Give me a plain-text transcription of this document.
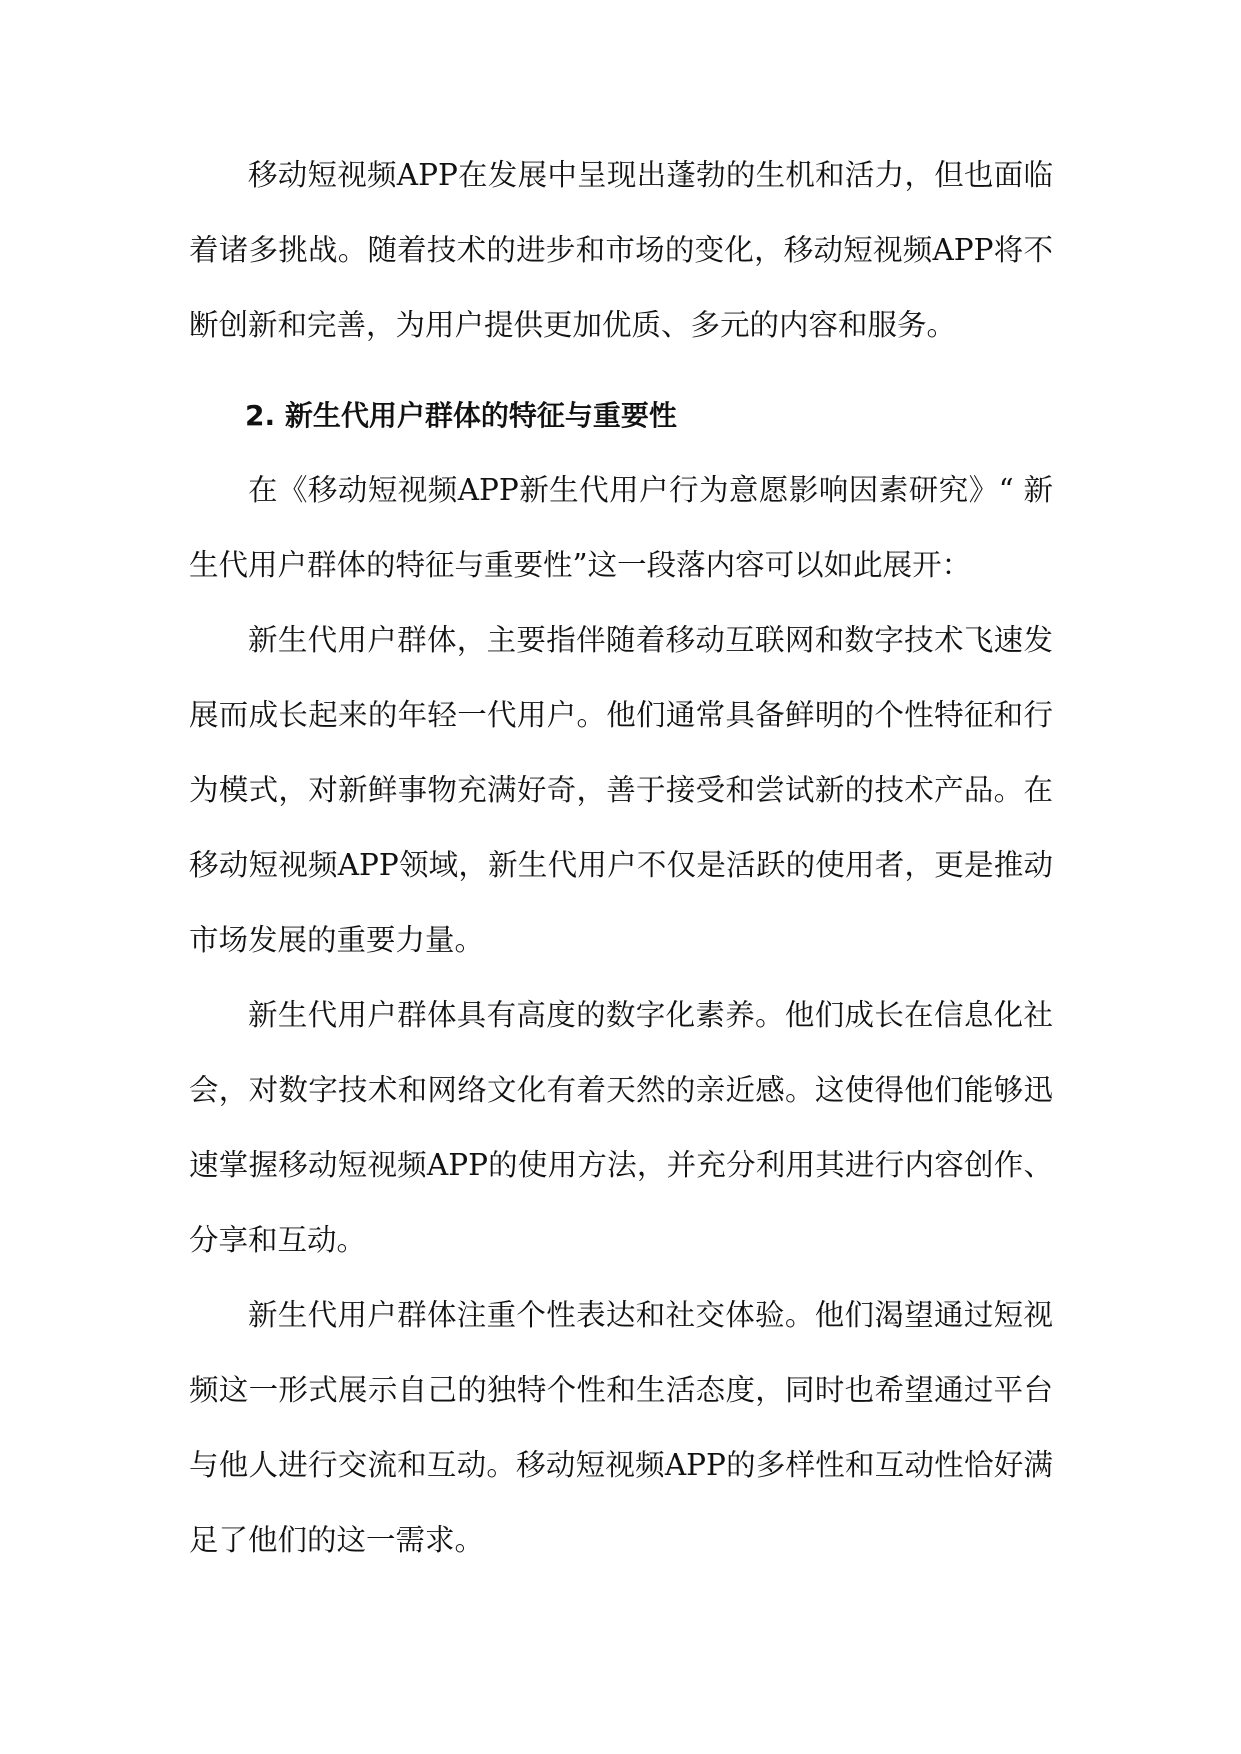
移动短视频APP在发展中呈现出蓬勃的生机和活力，但也面临着诸多挑战。随着技术的进步和市场的变化，移动短视频APP将不断创新和完善，为用户提供更加优质、多元的内容和服务。

2. 新生代用户群体的特征与重要性

在《移动短视频APP新生代用户行为意愿影响因素研究》“ 新生代用户群体的特征与重要性”这一段落内容可以如此展开：

新生代用户群体，主要指伴随着移动互联网和数字技术飞速发展而成长起来的年轻一代用户。他们通常具备鲜明的个性特征和行为模式，对新鲜事物充满好奇，善于接受和尝试新的技术产品。在移动短视频APP领域，新生代用户不仅是活跃的使用者，更是推动市场发展的重要力量。

新生代用户群体具有高度的数字化素养。他们成长在信息化社会，对数字技术和网络文化有着天然的亲近感。这使得他们能够迅速掌握移动短视频APP的使用方法，并充分利用其进行内容创作、分享和互动。

新生代用户群体注重个性表达和社交体验。他们渴望通过短视频这一形式展示自己的独特个性和生活态度，同时也希望通过平台与他人进行交流和互动。移动短视频APP的多样性和互动性恰好满足了他们的这一需求。
